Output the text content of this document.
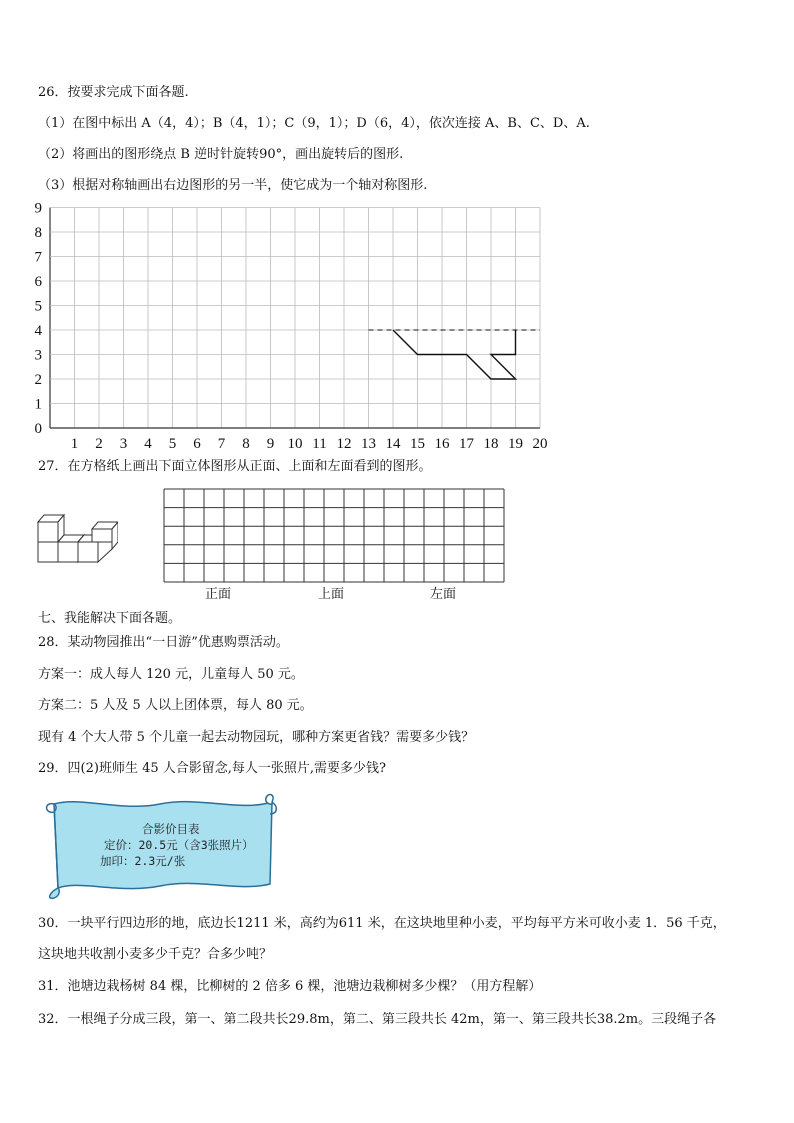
26．按要求完成下面各题.
（1）在图中标出 A（4，4）；B（4，1）；C（9，1）；D（6，4），依次连接 A、B、C、D、A.
（2）将画出的图形绕点 B 逆时针旋转90°，画出旋转后的图形.
（3）根据对称轴画出右边图形的另一半，使它成为一个轴对称图形.
1 2 3 4 5 6 7 8 9 10 11 12 13 14 15 16 17 18 19 20
0
1
2
3
4
5
6
7
8
9
27．在方格纸上画出下面立体图形从正面、上面和左面看到的图形。
正面	上面	左面
七、我能解决下面各题。
28．某动物园推出“一日游”优惠购票活动。
方案一：成人每人 120 元，儿童每人 50 元。
方案二：5 人及 5 人以上团体票，每人 80 元。
现有 4 个大人带 5 个儿童一起去动物园玩，哪种方案更省钱？需要多少钱？
29．四(2)班师生 45 人合影留念,每人一张照片,需要多少钱?
合影价目表
定价：20.5元（含3张照片）
加印：2.3元/张
30．一块平行四边形的地，底边长1211 米，高约为611 米，在这块地里种小麦，平均每平方米可收小麦 1．56 千克，
这块地共收割小麦多少千克？合多少吨？
31．池塘边栽杨树 84 棵，比柳树的 2 倍多 6 棵，池塘边栽柳树多少棵？（用方程解）
32．一根绳子分成三段，第一、第二段共长29.8m，第二、第三段共长 42m，第一、第三段共长38.2m。三段绳子各
